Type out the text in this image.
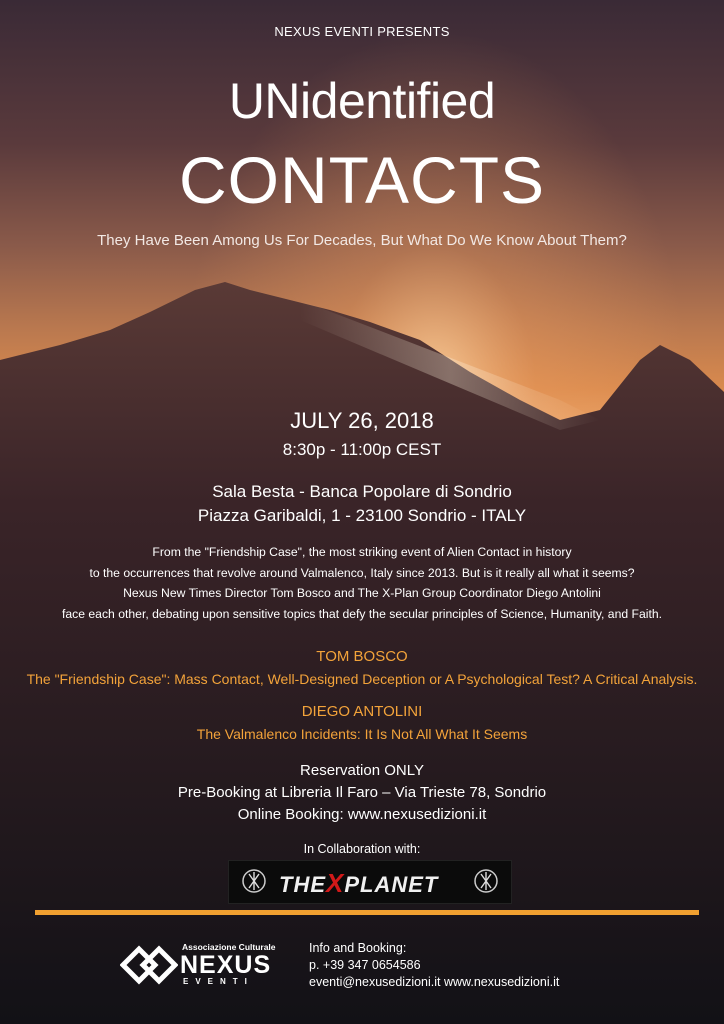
NEXUS EVENTI PRESENTS
UNidentified
CONTACTS
They Have Been Among Us For Decades, But What Do We Know About Them?
JULY 26, 2018
8:30p - 11:00p CEST
Sala Besta - Banca Popolare di Sondrio
Piazza Garibaldi, 1 - 23100 Sondrio - ITALY
From the "Friendship Case", the most striking event of Alien Contact in history
to the occurrences that revolve around Valmalenco, Italy since 2013. But is it really all what it seems?
Nexus New Times Director Tom Bosco and The X-Plan Group Coordinator Diego Antolini
face each other, debating upon sensitive topics that defy the secular principles of Science, Humanity, and Faith.
TOM BOSCO
The "Friendship Case": Mass Contact, Well-Designed Deception or A Psychological Test? A Critical Analysis.
DIEGO ANTOLINI
The Valmalenco Incidents: It Is Not All What It Seems
Reservation ONLY
Pre-Booking at Libreria Il Faro – Via Trieste 78, Sondrio
Online Booking: www.nexusedizioni.it
In Collaboration with:
THEXPLANET
Associazione Culturale
NEXUS
EVENTI
Info and Booking:
p. +39 347 0654586
eventi@nexusedizioni.it www.nexusedizioni.it
